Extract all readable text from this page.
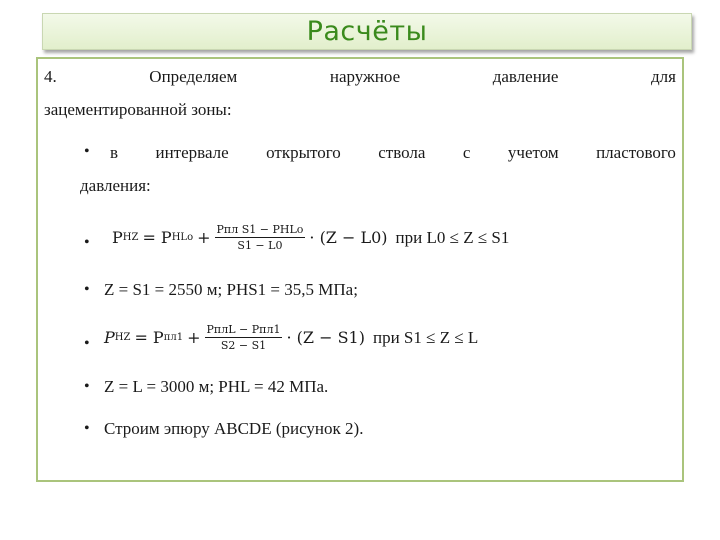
Расчёты
4.	Определяем	наружное	давление	для
зацементированной зоны:
• в интервале открытого ствола с учетом пластового
давления:
• P HZ = P HLo + $\frac{\text{Pпл S1 − PHLo}}{S1 - L0} \cdot (Z - L0)$ при L0 ≤ Z ≤ S1
• Z = S1 = 2550 м; PHS1 = 35,5 МПа;
• P HZ = P $пл1 + \frac{\text{PплL − Pпл1}}{S2 - S1} \cdot (Z - S1)$ при S1 ≤ Z ≤ L
• Z = L = 3000 м; PHL = 42 МПа.
• Строим эпюру ABCDE (рисунок 2).
